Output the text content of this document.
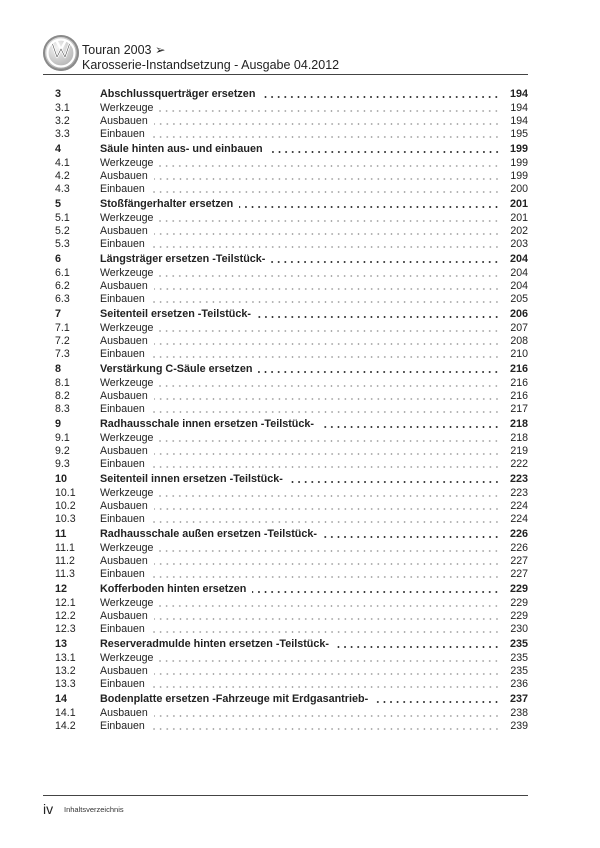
Touran 2003 ➢
Karosserie-Instandsetzung - Ausgabe 04.2012
3	Abschlussquerträger ersetzen	194
3.1	Werkzeuge	194
3.2	Ausbauen	194
3.3	Einbauen	195
4	Säule hinten aus- und einbauen	199
4.1	Werkzeuge	199
4.2	Ausbauen	199
4.3	Einbauen	200
5	Stoßfängerhalter ersetzen	201
5.1	Werkzeuge	201
5.2	Ausbauen	202
5.3	Einbauen	203
6	Längsträger ersetzen -Teilstück-	204
6.1	Werkzeuge	204
6.2	Ausbauen	204
6.3	Einbauen	205
7	Seitenteil ersetzen -Teilstück-	206
7.1	Werkzeuge	207
7.2	Ausbauen	208
7.3	Einbauen	210
8	Verstärkung C-Säule ersetzen	216
8.1	Werkzeuge	216
8.2	Ausbauen	216
8.3	Einbauen	217
9	Radhausschale innen ersetzen -Teilstück-	218
9.1	Werkzeuge	218
9.2	Ausbauen	219
9.3	Einbauen	222
10	Seitenteil innen ersetzen -Teilstück-	223
10.1	Werkzeuge	223
10.2	Ausbauen	224
10.3	Einbauen	224
11	Radhausschale außen ersetzen -Teilstück-	226
11.1	Werkzeuge	226
11.2	Ausbauen	227
11.3	Einbauen	227
12	Kofferboden hinten ersetzen	229
12.1	Werkzeuge	229
12.2	Ausbauen	229
12.3	Einbauen	230
13	Reserveradmulde hinten ersetzen -Teilstück-	235
13.1	Werkzeuge	235
13.2	Ausbauen	235
13.3	Einbauen	236
14	Bodenplatte ersetzen -Fahrzeuge mit Erdgasantrieb-	237
14.1	Ausbauen	238
14.2	Einbauen	239
iv Inhaltsverzeichnis
